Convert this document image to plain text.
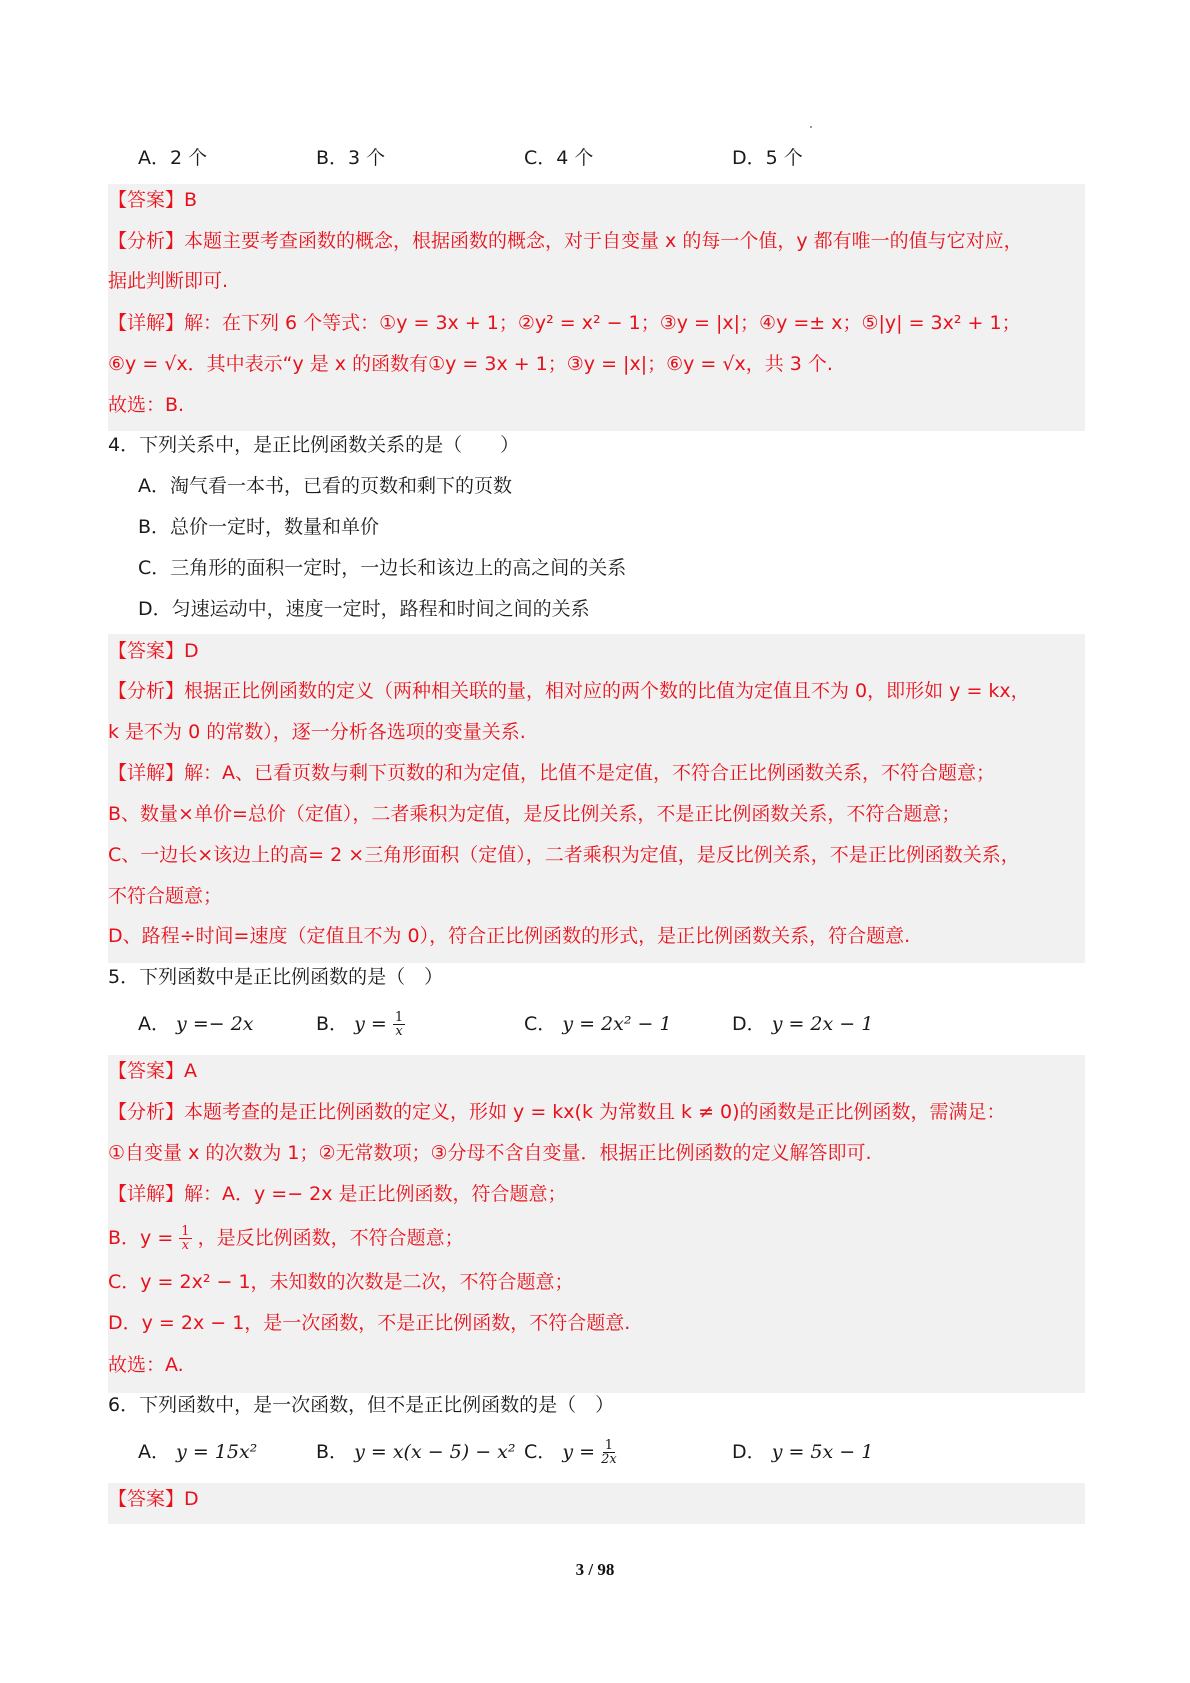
A．2 个	B．3 个	C．4 个	D．5 个
【答案】B
【分析】本题主要考查函数的概念，根据函数的概念，对于自变量 x 的每一个值，y 都有唯一的值与它对应，
据此判断即可.
【详解】解：在下列 6 个等式：①y = 3x + 1；②y² = x² − 1；③y = |x|；④y =± x；⑤|y| = 3x² + 1；
⑥y = √x．其中表示“y 是 x 的函数有①y = 3x + 1；③y = |x|；⑥y = √x，共 3 个.
故选：B.
4．下列关系中，是正比例函数关系的是（　　）
A．淘气看一本书，已看的页数和剩下的页数
B．总价一定时，数量和单价
C．三角形的面积一定时，一边长和该边上的高之间的关系
D．匀速运动中，速度一定时，路程和时间之间的关系
【答案】D
【分析】根据正比例函数的定义（两种相关联的量，相对应的两个数的比值为定值且不为 0，即形如 y = kx，
k 是不为 0 的常数），逐一分析各选项的变量关系.
【详解】解：A、已看页数与剩下页数的和为定值，比值不是定值，不符合正比例函数关系，不符合题意；
B、数量×单价=总价（定值），二者乘积为定值，是反比例关系，不是正比例函数关系，不符合题意；
C、一边长×该边上的高= 2 ×三角形面积（定值），二者乘积为定值，是反比例关系，不是正比例函数关系，
不符合题意；
D、路程÷时间=速度（定值且不为 0），符合正比例函数的形式，是正比例函数关系，符合题意.
5．下列函数中是正比例函数的是（　）
A． y =− 2x	B． $y = \frac{1}{x}$	C． y = 2x² − 1	D． y = 2x − 1
【答案】A
【分析】本题考查的是正比例函数的定义，形如 y = kx(k 为常数且 k ≠ 0)的函数是正比例函数，需满足：
①自变量 x 的次数为 1；②无常数项；③分母不含自变量．根据正比例函数的定义解答即可.
【详解】解：A．y =− 2x 是正比例函数，符合题意；
B．$y = \frac{1}{x}$ ，是反比例函数，不符合题意；
C．y = 2x² − 1，未知数的次数是二次，不符合题意；
D．y = 2x − 1，是一次函数，不是正比例函数，不符合题意.
故选：A.
6．下列函数中，是一次函数，但不是正比例函数的是（　）
A． y = 15x²	B． y = x(x − 5) − x² C． $y = \frac{1}{2x}$	D． y = 5x − 1
【答案】D
3 / 98
